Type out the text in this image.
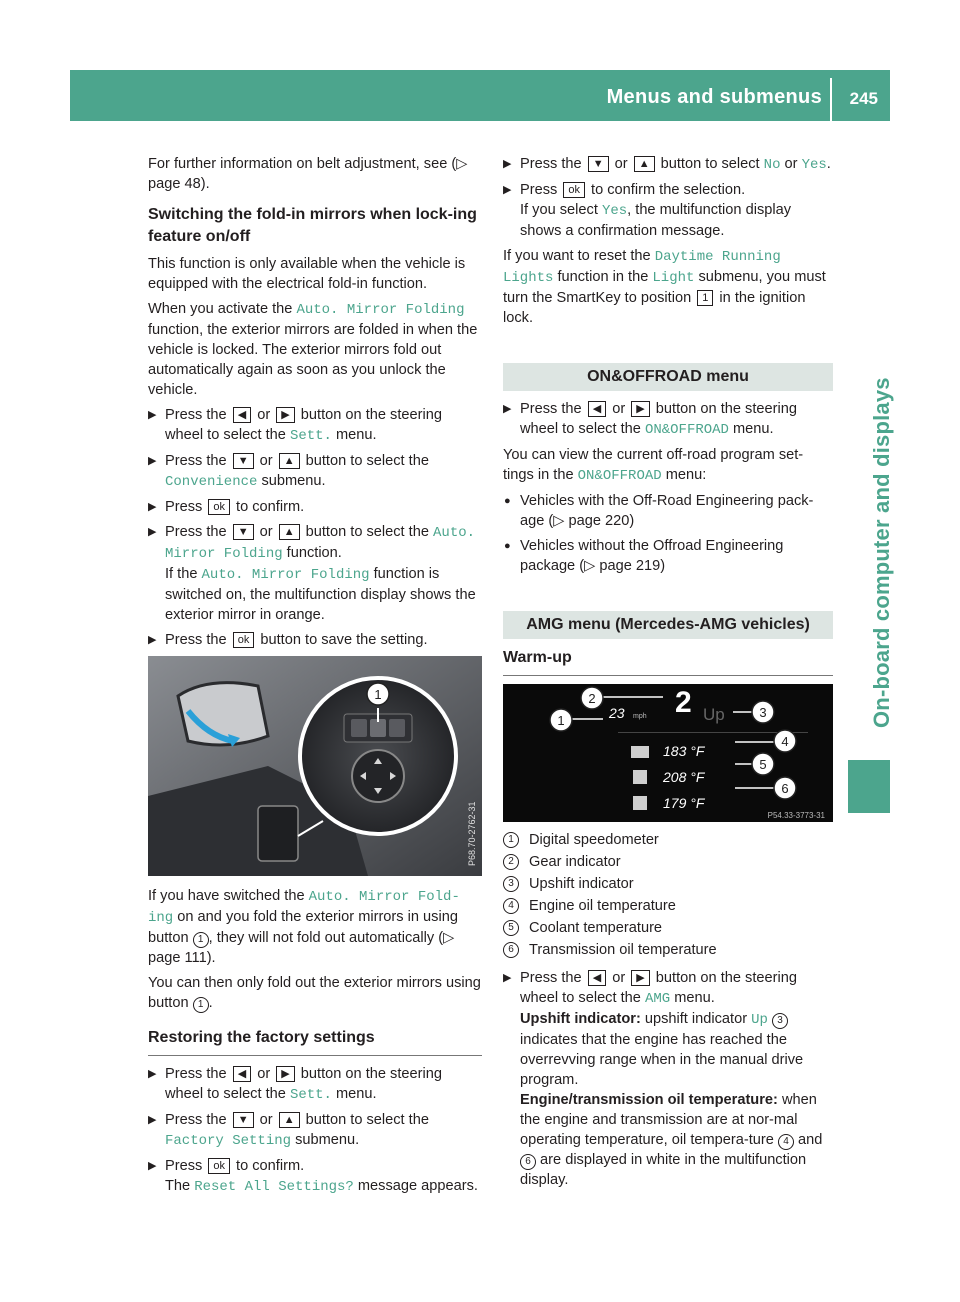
Menus and submenus 245
On-board computer and displays

For further information on belt adjustment, see (▷ page 48).

Switching the fold-in mirrors when lock-ing feature on/off

This function is only available when the vehicle is equipped with the electrical fold-in function.

When you activate the Auto. Mirror Folding function, the exterior mirrors are folded in when the vehicle is locked. The exterior mirrors fold out automatically again as soon as you unlock the vehicle.

▶ Press the ◀ or ▶ button on the steering wheel to select the Sett. menu.
▶ Press the ▼ or ▲ button to select the Convenience submenu.
▶ Press ok to confirm.
▶ Press the ▼ or ▲ button to select the Auto. Mirror Folding function.
If the Auto. Mirror Folding function is switched on, the multifunction display shows the exterior mirror in orange.
▶ Press the ok button to save the setting.
1
P68.70-2762-31

If you have switched the Auto. Mirror Fold-ing on and you fold the exterior mirrors in using button 1 , they will not fold out automatically (▷ page 111).

You can then only fold out the exterior mirrors using button 1 .

Restoring the factory settings
▶ Press the ◀ or ▶ button on the steering wheel to select the Sett. menu.
▶ Press the ▼ or ▲ button to select the Factory Setting submenu.
▶ Press ok to confirm.
The Reset All Settings? message appears.
▶ Press the ▼ or ▲ button to select No or Yes.
▶ Press ok to confirm the selection.
If you select Yes, the multifunction display shows a confirmation message.

If you want to reset the Daytime Running Lights function in the Light submenu, you must turn the SmartKey to position 1 in the ignition lock.

ON&OFFROAD menu
▶ Press the ◀ or ▶ button on the steering wheel to select the ON&OFFROAD menu.

You can view the current off-road program set-tings in the ON&OFFROAD menu:

● Vehicles with the Off-Road Engineering pack-age (▷ page 220)
● Vehicles without the Offroad Engineering package (▷ page 219)
AMG menu (Mercedes-AMG vehicles)
Warm-up
2
23 mph	Up
183 °F
208 °F
179 °F
1
2
3
4
5
6
P54.33-3773-31
1	Digital speedometer
2	Gear indicator
3	Upshift indicator
4	Engine oil temperature
5	Coolant temperature
6	Transmission oil temperature
▶ Press the ◀ or ▶ button on the steering wheel to select the AMG menu.
Upshift indicator: upshift indicator Up 3 indicates that the engine has reached the overrevving range when in the manual drive program.
Engine/transmission oil temperature: when the engine and transmission are at nor-mal operating temperature, oil tempera-ture 4 and 6 are displayed in white in the multifunction display.
